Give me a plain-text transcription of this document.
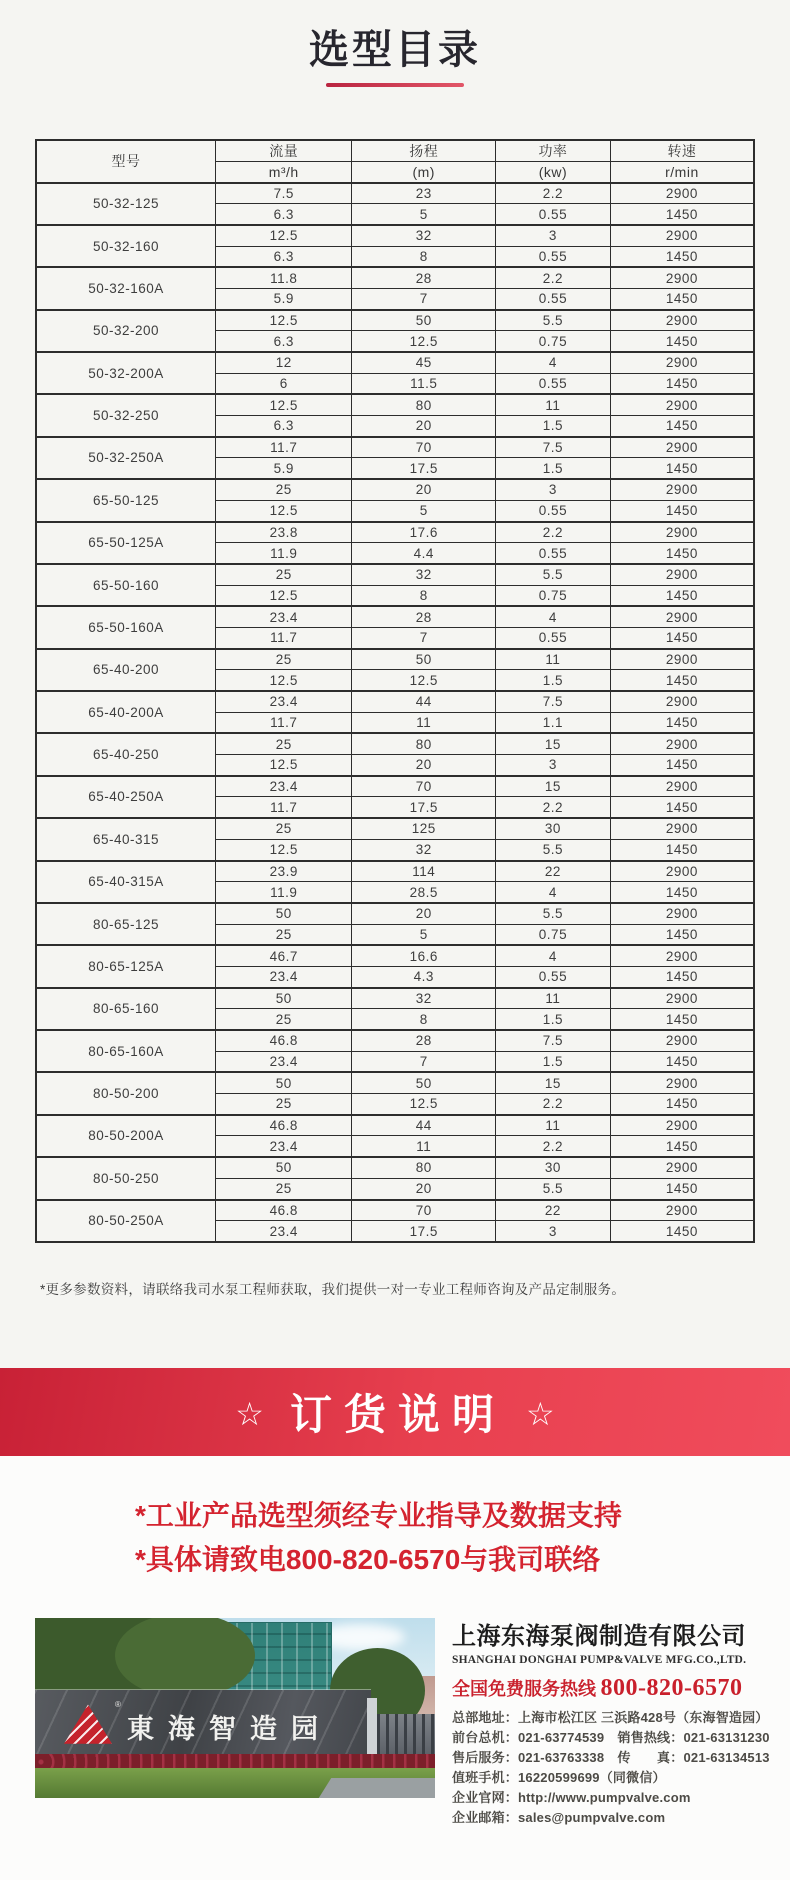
选型目录
型号	流量	扬程	功率	转速
	m³/h	(m)	(kw)	r/min
50-32-125	7.5	23	2.2	2900
	6.3	5	0.55	1450
50-32-160	12.5	32	3	2900
	6.3	8	0.55	1450
50-32-160A	11.8	28	2.2	2900
	5.9	7	0.55	1450
50-32-200	12.5	50	5.5	2900
	6.3	12.5	0.75	1450
50-32-200A	12	45	4	2900
	6	11.5	0.55	1450
50-32-250	12.5	80	11	2900
	6.3	20	1.5	1450
50-32-250A	11.7	70	7.5	2900
	5.9	17.5	1.5	1450
65-50-125	25	20	3	2900
	12.5	5	0.55	1450
65-50-125A	23.8	17.6	2.2	2900
	11.9	4.4	0.55	1450
65-50-160	25	32	5.5	2900
	12.5	8	0.75	1450
65-50-160A	23.4	28	4	2900
	11.7	7	0.55	1450
65-40-200	25	50	11	2900
	12.5	12.5	1.5	1450
65-40-200A	23.4	44	7.5	2900
	11.7	11	1.1	1450
65-40-250	25	80	15	2900
	12.5	20	3	1450
65-40-250A	23.4	70	15	2900
	11.7	17.5	2.2	1450
65-40-315	25	125	30	2900
	12.5	32	5.5	1450
65-40-315A	23.9	114	22	2900
	11.9	28.5	4	1450
80-65-125	50	20	5.5	2900
	25	5	0.75	1450
80-65-125A	46.7	16.6	4	2900
	23.4	4.3	0.55	1450
80-65-160	50	32	11	2900
	25	8	1.5	1450
80-65-160A	46.8	28	7.5	2900
	23.4	7	1.5	1450
80-50-200	50	50	15	2900
	25	12.5	2.2	1450
80-50-200A	46.8	44	11	2900
	23.4	11	2.2	1450
80-50-250	50	80	30	2900
	25	20	5.5	1450
80-50-250A	46.8	70	22	2900
	23.4	17.5	3	1450

*更多参数资料，请联络我司水泵工程师获取，我们提供一对一专业工程师咨询及产品定制服务。

☆ 订货说明 ☆
*工业产品选型须经专业指导及数据支持
*具体请致电800-820-6570与我司联络
®
東海智造园
上海东海泵阀制造有限公司
SHANGHAI DONGHAI PUMP&VALVE MFG.CO.,LTD.
全国免费服务热线 800-820-6570
总部地址：上海市松江区 三浜路428号（东海智造园）
前台总机：021-63774539　销售热线：021-63131230
售后服务：021-63763338　传　　真：021-63134513
值班手机：16220599699（同微信）
企业官网：http://www.pumpvalve.com
企业邮箱：sales@pumpvalve.com
